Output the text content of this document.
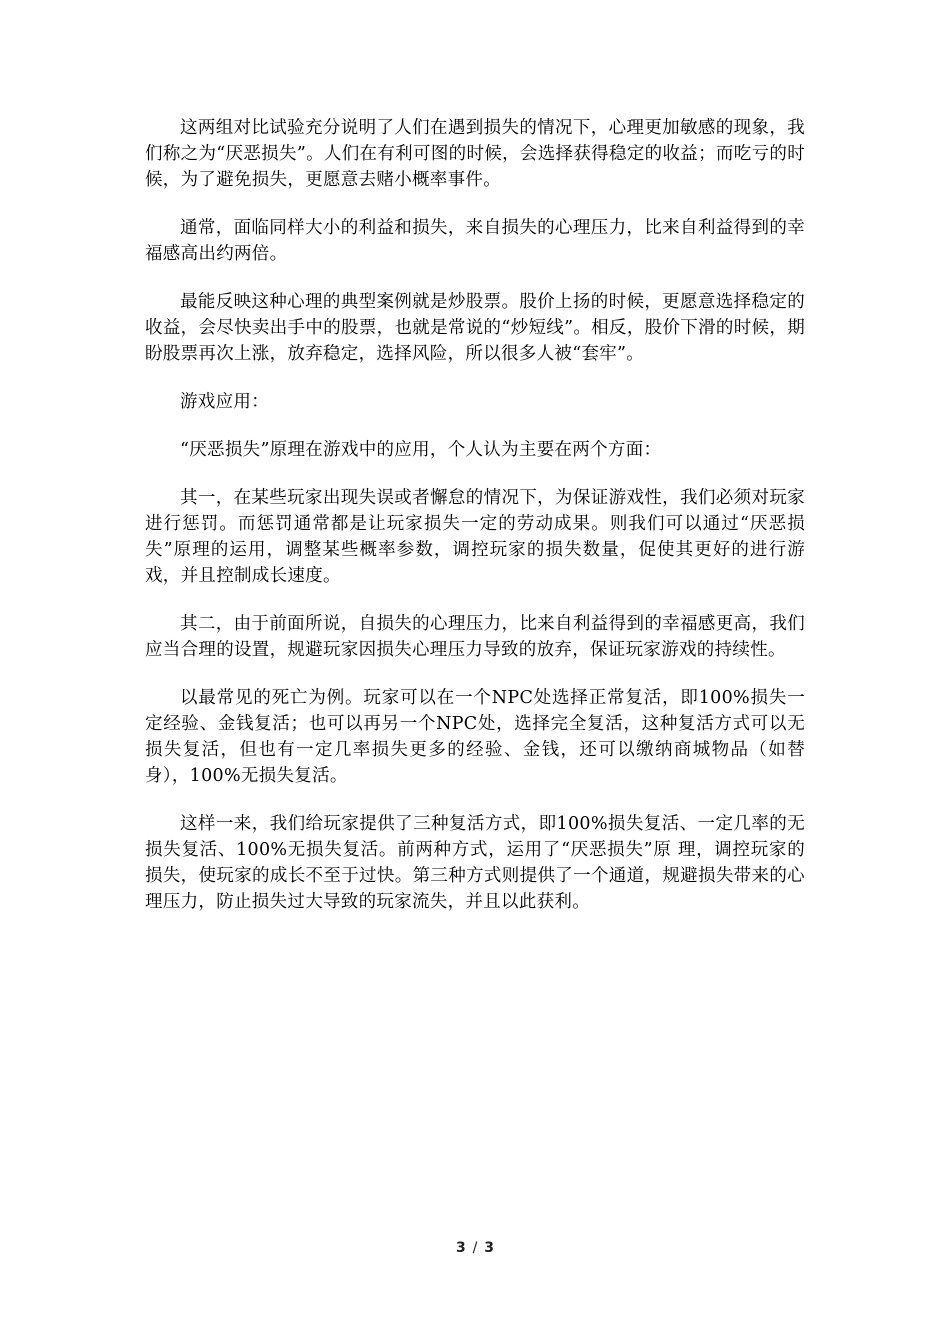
这两组对比试验充分说明了人们在遇到损失的情况下，心理更加敏感的现象，我们称之为“厌恶损失”。人们在有利可图的时候，会选择获得稳定的收益；而吃亏的时候，为了避免损失，更愿意去赌小概率事件。

通常，面临同样大小的利益和损失，来自损失的心理压力，比来自利益得到的幸福感高出约两倍。

最能反映这种心理的典型案例就是炒股票。股价上扬的时候，更愿意选择稳定的收益，会尽快卖出手中的股票，也就是常说的“炒短线”。相反，股价下滑的时候，期盼股票再次上涨，放弃稳定，选择风险，所以很多人被“套牢”。

游戏应用：

“厌恶损失”原理在游戏中的应用，个人认为主要在两个方面：

其一，在某些玩家出现失误或者懈怠的情况下，为保证游戏性，我们必须对玩家进行惩罚。而惩罚通常都是让玩家损失一定的劳动成果。则我们可以通过“厌恶损失”原理的运用，调整某些概率参数，调控玩家的损失数量，促使其更好的进行游戏，并且控制成长速度。

其二，由于前面所说，自损失的心理压力，比来自利益得到的幸福感更高，我们应当合理的设置，规避玩家因损失心理压力导致的放弃，保证玩家游戏的持续性。

以最常见的死亡为例。玩家可以在一个NPC处选择正常复活，即100%损失一定经验、金钱复活；也可以再另一个NPC处，选择完全复活，这种复活方式可以无损失复活，但也有一定几率损失更多的经验、金钱，还可以缴纳商城物品（如替身），100%无损失复活。

这样一来，我们给玩家提供了三种复活方式，即100%损失复活、一定几率的无损失复活、100%无损失复活。前两种方式，运用了“厌恶损失”原 理，调控玩家的损失，使玩家的成长不至于过快。第三种方式则提供了一个通道，规避损失带来的心理压力，防止损失过大导致的玩家流失，并且以此获利。

3 / 3
